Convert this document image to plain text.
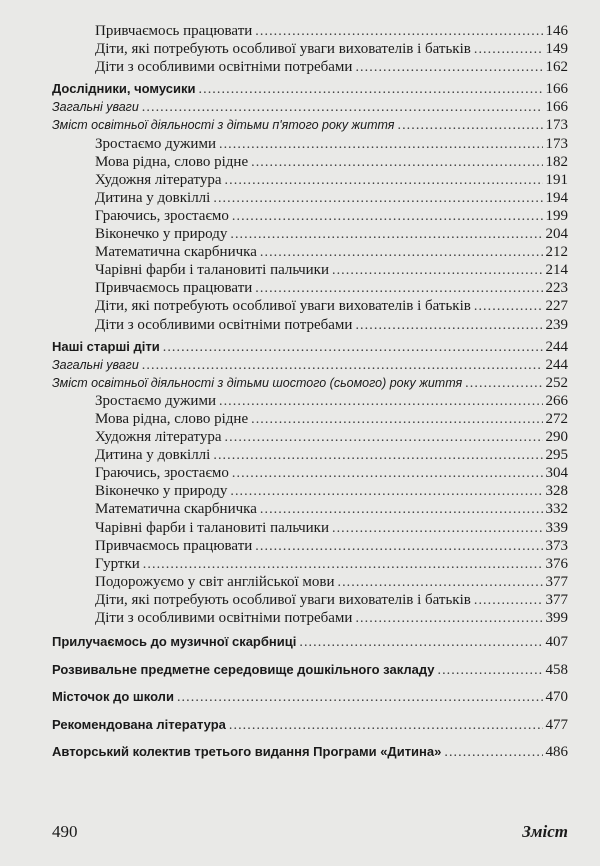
Привчаємось працювати . . .	146
Діти, які потребують особливої уваги вихователів і батьків . . .	149
Діти з особливими освітніми потребами . . .	162
Дослідники, чомусики . . .	166
Загальні уваги . . .	166
Зміст освітньої діяльності з дітьми п'ятого року життя . . .	173
Зростаємо дужими . . .	173
Мова рідна, слово рідне . . .	182
Художня література . . .	191
Дитина у довкіллі . . .	194
Граючись, зростаємо . . .	199
Віконечко у природу . . .	204
Математична скарбничка . . .	212
Чарівні фарби і талановиті пальчики . . .	214
Привчаємось працювати . . .	223
Діти, які потребують особливої уваги вихователів і батьків . . .	227
Діти з особливими освітніми потребами . . .	239
Наші старші діти . . .	244
Загальні уваги . . .	244
Зміст освітньої діяльності з дітьми шостого (сьомого) року життя . . .	252
Зростаємо дужими . . .	266
Мова рідна, слово рідне . . .	272
Художня література . . .	290
Дитина у довкіллі . . .	295
Граючись, зростаємо . . .	304
Віконечко у природу . . .	328
Математична скарбничка . . .	332
Чарівні фарби і талановиті пальчики . . .	339
Привчаємось працювати . . .	373
Гуртки . . .	376
Подорожуємо у світ англійської мови . . .	377
Діти, які потребують особливої уваги вихователів і батьків . . .	377
Діти з особливими освітніми потребами . . .	399
Прилучаємось до музичної скарбниці . . .	407
Розвивальне предметне середовище дошкільного закладу . . .	458
Місточок до школи . . .	470
Рекомендована література . . .	477
Авторський колектив третього видання Програми «Дитина» . . .	486
490	Зміст
